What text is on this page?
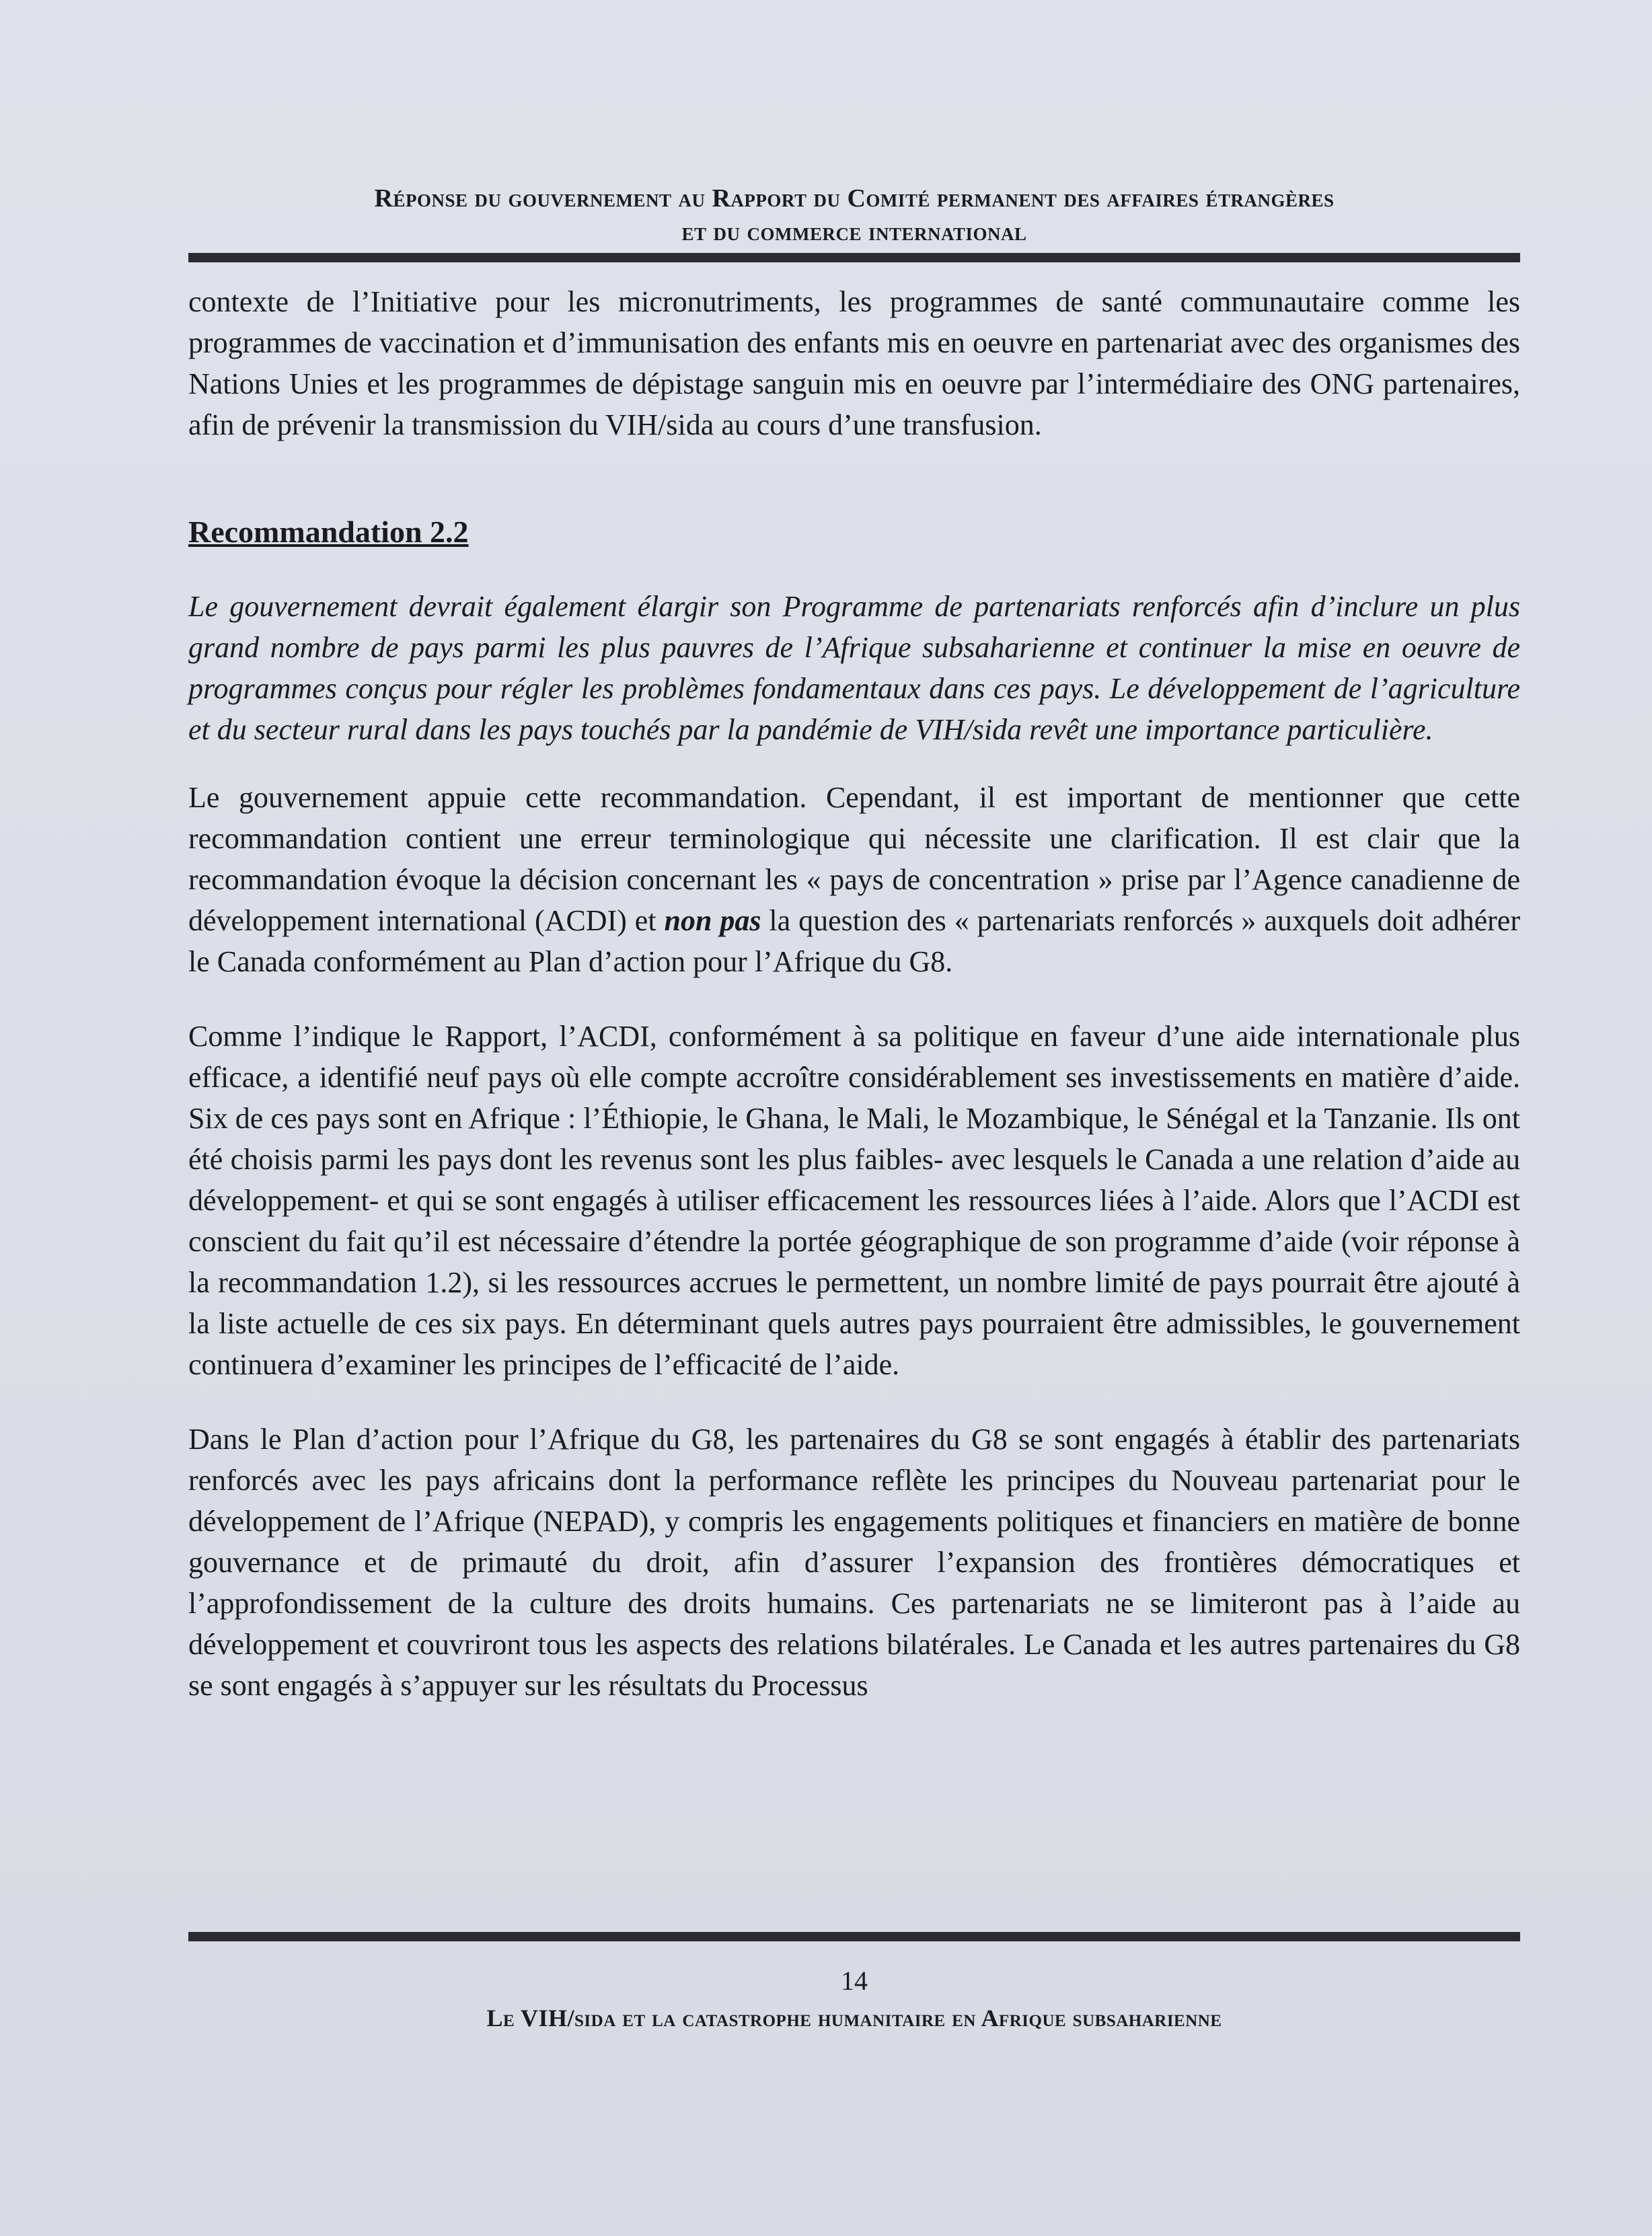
Réponse du gouvernement au Rapport du Comité permanent des affaires étrangères
et du commerce international

contexte de l’Initiative pour les micronutriments, les programmes de santé communautaire comme les programmes de vaccination et d’immunisation des enfants mis en oeuvre en partenariat avec des organismes des Nations Unies et les programmes de dépistage sanguin mis en oeuvre par l’intermédiaire des ONG partenaires, afin de prévenir la transmission du VIH/sida au cours d’une transfusion.

Recommandation 2.2

Le gouvernement devrait également élargir son Programme de partenariats renforcés afin d’inclure un plus grand nombre de pays parmi les plus pauvres de l’Afrique subsaharienne et continuer la mise en oeuvre de programmes conçus pour régler les problèmes fondamentaux dans ces pays. Le développement de l’agriculture et du secteur rural dans les pays touchés par la pandémie de VIH/sida revêt une importance particulière.

Le gouvernement appuie cette recommandation. Cependant, il est important de mentionner que cette recommandation contient une erreur terminologique qui nécessite une clarification. Il est clair que la recommandation évoque la décision concernant les « pays de concentration » prise par l’Agence canadienne de développement international (ACDI) et non pas la question des « partenariats renforcés » auxquels doit adhérer le Canada conformément au Plan d’action pour l’Afrique du G8.

Comme l’indique le Rapport, l’ACDI, conformément à sa politique en faveur d’une aide internationale plus efficace, a identifié neuf pays où elle compte accroître considérablement ses investissements en matière d’aide. Six de ces pays sont en Afrique : l’Éthiopie, le Ghana, le Mali, le Mozambique, le Sénégal et la Tanzanie. Ils ont été choisis parmi les pays dont les revenus sont les plus faibles- avec lesquels le Canada a une relation d’aide au développement- et qui se sont engagés à utiliser efficacement les ressources liées à l’aide. Alors que l’ACDI est conscient du fait qu’il est nécessaire d’étendre la portée géographique de son programme d’aide (voir réponse à la recommandation 1.2), si les ressources accrues le permettent, un nombre limité de pays pourrait être ajouté à la liste actuelle de ces six pays. En déterminant quels autres pays pourraient être admissibles, le gouvernement continuera d’examiner les principes de l’efficacité de l’aide.

Dans le Plan d’action pour l’Afrique du G8, les partenaires du G8 se sont engagés à établir des partenariats renforcés avec les pays africains dont la performance reflète les principes du Nouveau partenariat pour le développement de l’Afrique (NEPAD), y compris les engagements politiques et financiers en matière de bonne gouvernance et de primauté du droit, afin d’assurer l’expansion des frontières démocratiques et l’approfondissement de la culture des droits humains. Ces partenariats ne se limiteront pas à l’aide au développement et couvriront tous les aspects des relations bilatérales. Le Canada et les autres partenaires du G8 se sont engagés à s’appuyer sur les résultats du Processus

14
Le VIH/sida et la catastrophe humanitaire en Afrique subsaharienne
